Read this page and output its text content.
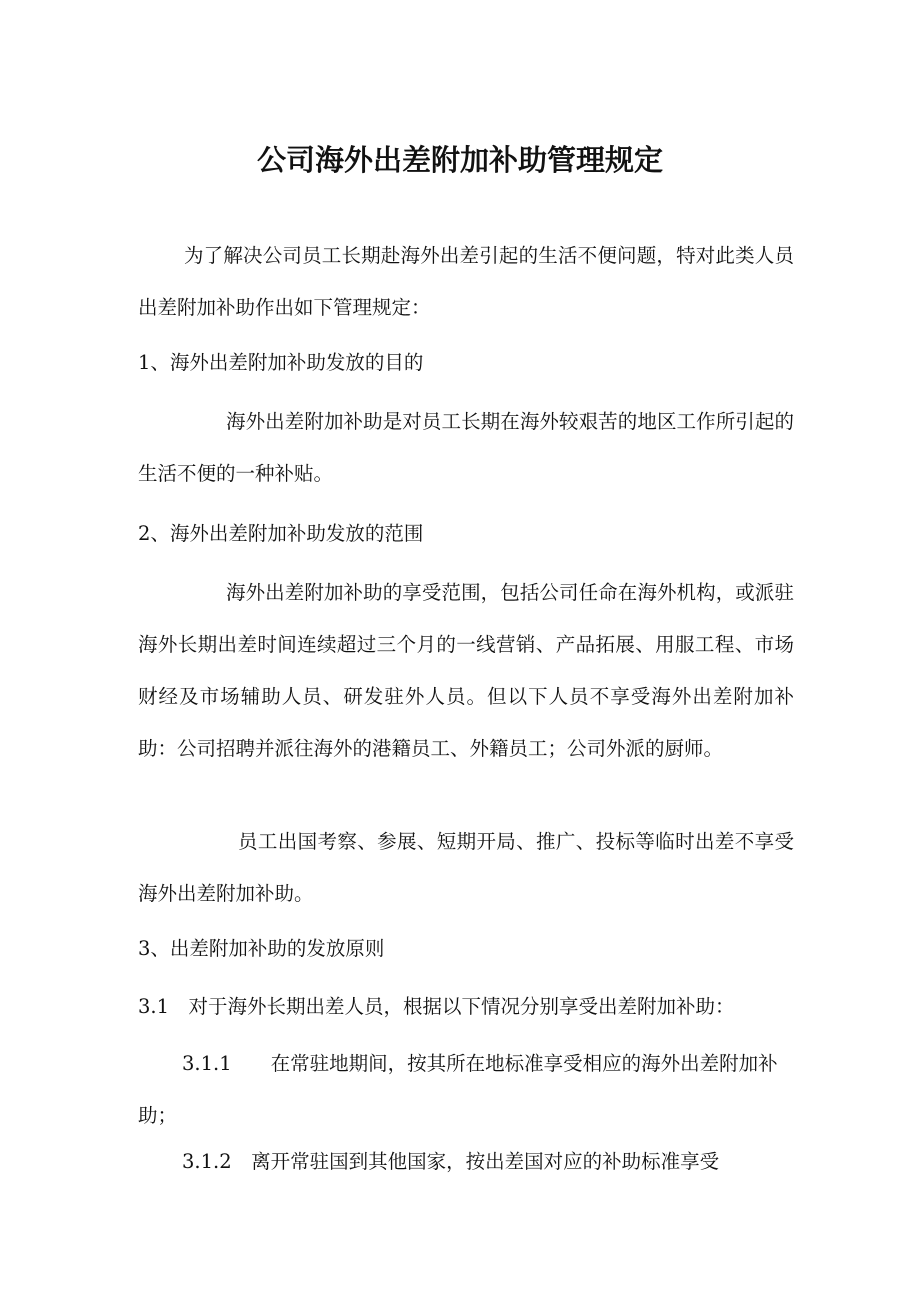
公司海外出差附加补助管理规定

为了解决公司员工长期赴海外出差引起的生活不便问题，特对此类人员出差附加补助作出如下管理规定：

1、海外出差附加补助发放的目的

海外出差附加补助是对员工长期在海外较艰苦的地区工作所引起的生活不便的一种补贴。

2、海外出差附加补助发放的范围

海外出差附加补助的享受范围，包括公司任命在海外机构，或派驻海外长期出差时间连续超过三个月的一线营销、产品拓展、用服工程、市场财经及市场辅助人员、研发驻外人员。但以下人员不享受海外出差附加补助：公司招聘并派往海外的港籍员工、外籍员工；公司外派的厨师。

员工出国考察、参展、短期开局、推广、投标等临时出差不享受海外出差附加补助。

3、出差附加补助的发放原则

3.1　对于海外长期出差人员，根据以下情况分别享受出差附加补助：

3.1.1　　在常驻地期间，按其所在地标准享受相应的海外出差附加补助；

3.1.2　离开常驻国到其他国家，按出差国对应的补助标准享受
